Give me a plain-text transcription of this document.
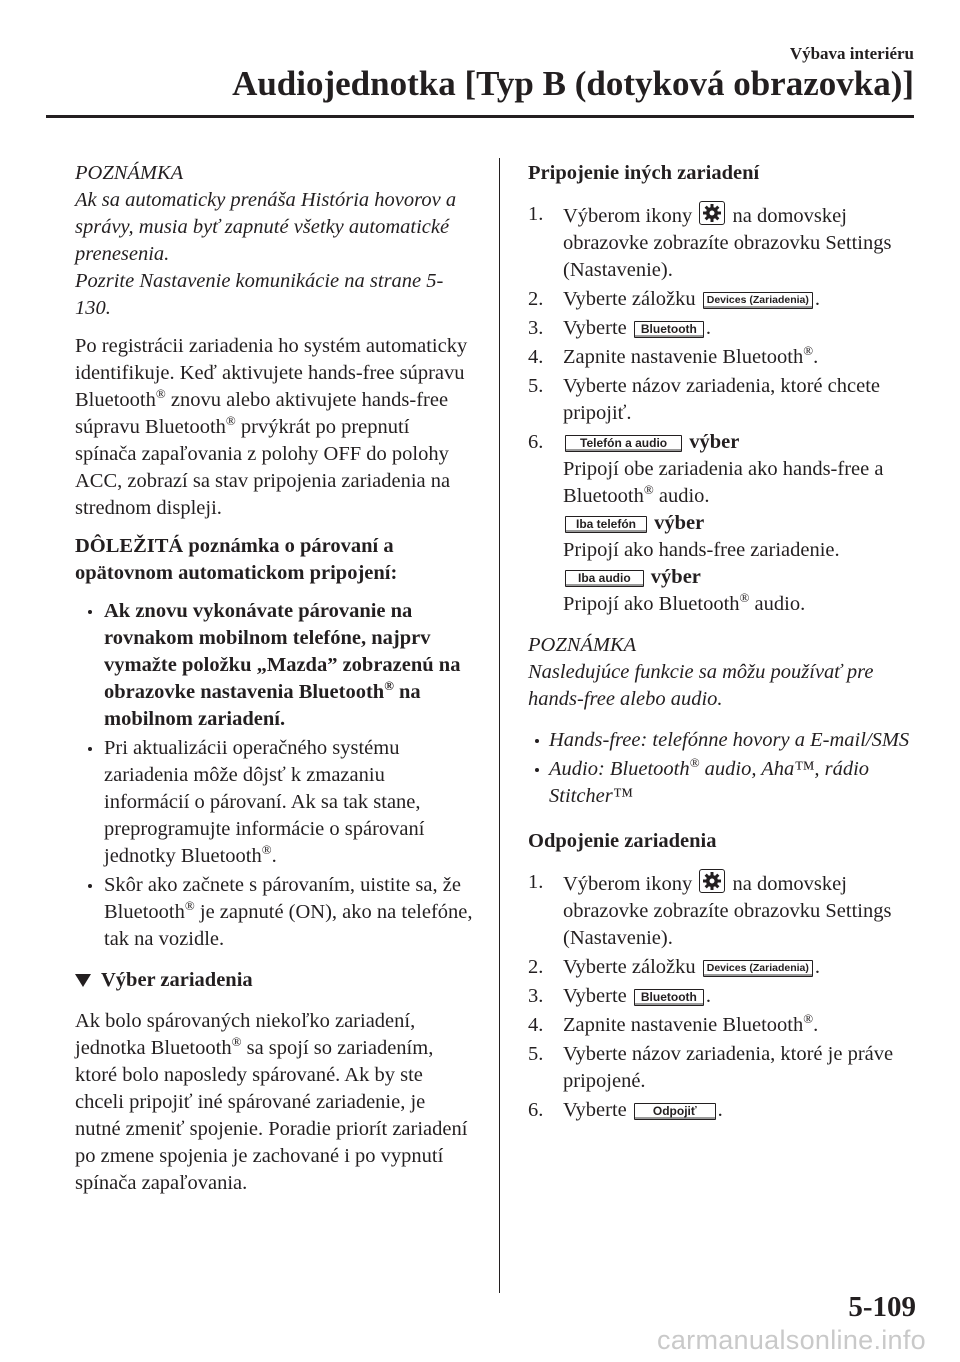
Výbava interiéru
Audiojednotka [Typ B (dotyková obrazovka)]

POZNÁMKA

Ak sa automaticky prenáša História hovorov a správy, musia byť zapnuté všetky automatické prenesenia.

Pozrite Nastavenie komunikácie na strane 5-130.

Po registrácii zariadenia ho systém automaticky identifikuje. Keď aktivujete hands-free súpravu Bluetooth® znovu alebo aktivujete hands-free súpravu Bluetooth® prvýkrát po prepnutí spínača zapaľovania z polohy OFF do polohy ACC, zobrazí sa stav pripojenia zariadenia na strednom displeji.

DÔLEŽITÁ poznámka o párovaní a opätovnom automatickom pripojení:

Ak znovu vykonávate párovanie na rovnakom mobilnom telefóne, najprv vymažte položku „Mazda” zobrazenú na obrazovke nastavenia Bluetooth® na mobilnom zariadení.
Pri aktualizácii operačného systému zariadenia môže dôjsť k zmazaniu informácií o párovaní. Ak sa tak stane, preprogramujte informácie o spárovaní jednotky Bluetooth®.
Skôr ako začnete s párovaním, uistite sa, že Bluetooth® je zapnuté (ON), ako na telefóne, tak na vozidle.
Výber zariadenia

Ak bolo spárovaných niekoľko zariadení, jednotka Bluetooth® sa spojí so zariadením, ktoré bolo naposledy spárované. Ak by ste chceli pripojiť iné spárované zariadenie, je nutné zmeniť spojenie. Poradie priorít zariadení po zmene spojenia je zachované i po vypnutí spínača zapaľovania.

Pripojenie iných zariadení

1. Výberom ikony na domovskej obrazovke zobrazíte obrazovku Settings (Nastavenie).
2. Vyberte záložku Devices (Zariadenia) .
3. Vyberte Bluetooth .
4. Zapnite nastavenie Bluetooth®.
5. Vyberte názov zariadenia, ktoré chcete pripojiť.
6.	Telefón a audio výber
Pripojí obe zariadenia ako hands-free a Bluetooth® audio.
Iba telefón výber
Pripojí ako hands-free zariadenie.
Iba audio výber
Pripojí ako Bluetooth® audio.

POZNÁMKA

Nasledujúce funkcie sa môžu používať pre hands-free alebo audio.

Hands-free: telefónne hovory a E-mail/SMS
Audio: Bluetooth® audio, Aha™, rádio Stitcher™

Odpojenie zariadenia

1. Výberom ikony na domovskej obrazovke zobrazíte obrazovku Settings (Nastavenie).
2. Vyberte záložku Devices (Zariadenia) .
3. Vyberte Bluetooth .
4. Zapnite nastavenie Bluetooth®.
5. Vyberte názov zariadenia, ktoré je práve pripojené.
6. Vyberte Odpojiť .
5-109
carmanualsonline.info
